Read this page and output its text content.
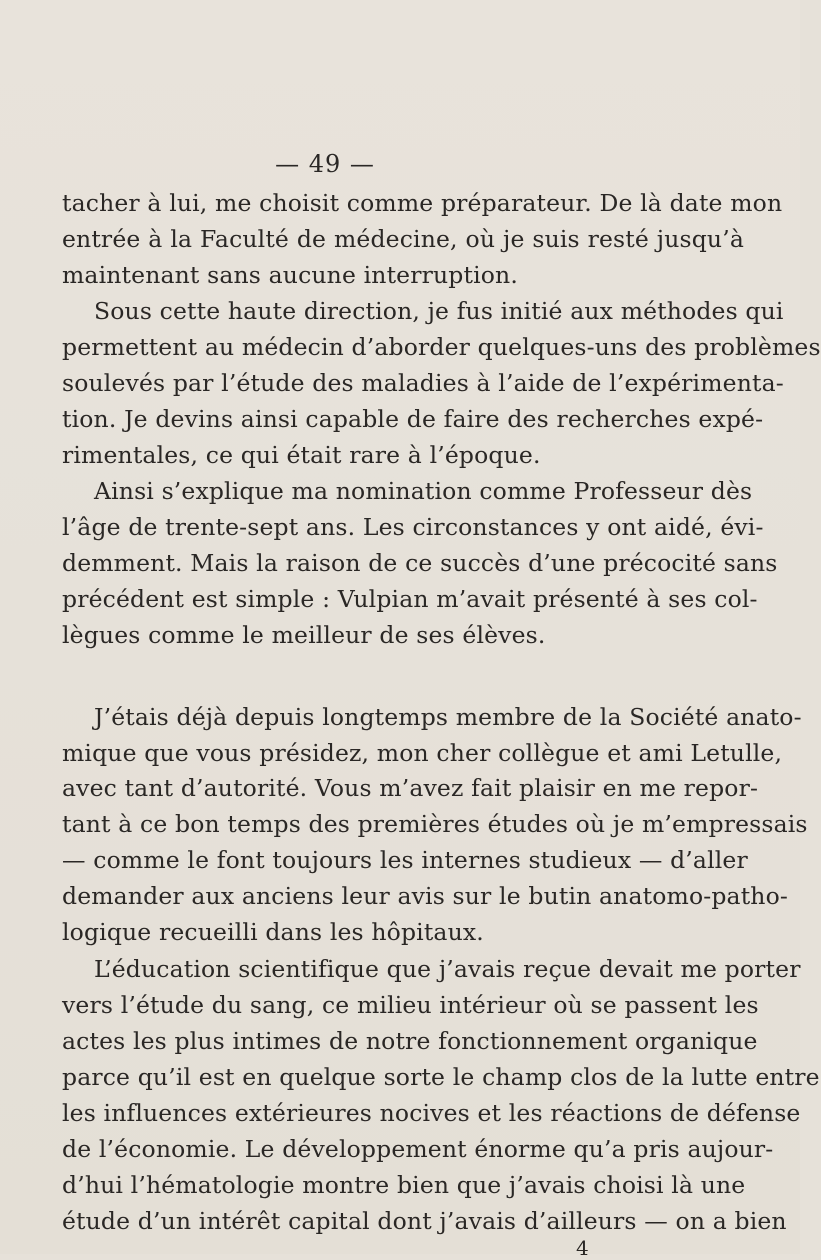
— 49 —

tacher à lui, me choisit comme préparateur. De là date mon
entrée à la Faculté de médecine, où je suis resté jusqu’à
maintenant sans aucune interruption.

Sous cette haute direction, je fus initié aux méthodes qui
permettent au médecin d’aborder quelques-uns des problèmes
soulevés par l’étude des maladies à l’aide de l’expérimenta-
tion. Je devins ainsi capable de faire des recherches expé-
rimentales, ce qui était rare à l’époque.

Ainsi s’explique ma nomination comme Professeur dès
l’âge de trente-sept ans. Les circonstances y ont aidé, évi-
demment. Mais la raison de ce succès d’une précocité sans
précédent est simple : Vulpian m’avait présenté à ses col-
lègues comme le meilleur de ses élèves.

J’étais déjà depuis longtemps membre de la Société anato-
mique que vous présidez, mon cher collègue et ami Letulle,
avec tant d’autorité. Vous m’avez fait plaisir en me repor-
tant à ce bon temps des premières études où je m’empressais
— comme le font toujours les internes studieux — d’aller
demander aux anciens leur avis sur le butin anatomo-patho-
logique recueilli dans les hôpitaux.

L’éducation scientifique que j’avais reçue devait me porter
vers l’étude du sang, ce milieu intérieur où se passent les
actes les plus intimes de notre fonctionnement organique
parce qu’il est en quelque sorte le champ clos de la lutte entre
les influences extérieures nocives et les réactions de défense
de l’économie. Le développement énorme qu’a pris aujour-
d’hui l’hématologie montre bien que j’avais choisi là une
étude d’un intérêt capital dont j’avais d’ailleurs — on a bien

4
